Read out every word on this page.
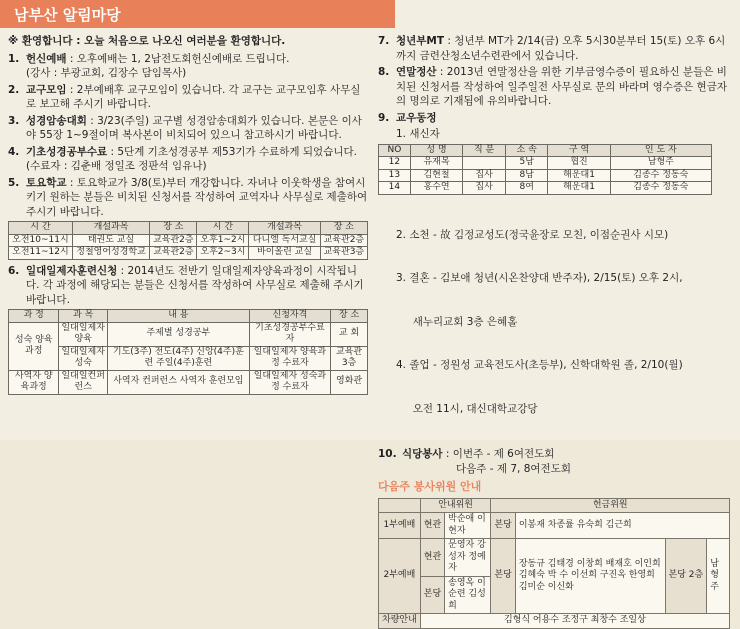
남부산 알림마당
※ 환영합니다 : 오늘 처음으로 나오신 여러분을 환영합니다.
1. 헌신예배 : 오후예배는 1, 2남전도회헌신예배로 드립니다.
(강사 : 부광교회, 김장수 담임목사)
2. 교구모임 : 2부예배후 교구모임이 있습니다. 각 교구는 교구모임후 사무실로 보고해 주시기 바랍니다.
3. 성경암송대회 : 3/23(주일) 교구별 성경암송대회가 있습니다. 본문은 이사야 55장 1~9절이며 복사본이 비치되어 있으니 참고하시기 바랍니다.
4. 기초성경공부수료 : 5단계 기초성경공부 제53기가 수료하게 되었습니다.(수료자 : 김춘배 정일조 정판석 임유나)
5. 토요학교 : 토요학교가 3/8(토)부터 개강합니다. 자녀나 이웃학생을 참여시키기 원하는 분들은 비치된 신청서를 작성하여 교역자나 사무실로 제출하여 주시기 바랍니다.
시 간	개설과목	장 소	시 간	개설과목	장 소
오전10~11시	태권도 교실	교육관2층	오후1~2시	다니엘 독서교실	교육관2층
오전11~12시	정철영어성경학교	교육관2층	오후2~3시	바이올린 교실	교육관3층
6. 일대일제자훈련신청 : 2014년도 전반기 일대일제자양육과정이 시작됩니다. 각 과정에 해당되는 분들은 신청서를 작성하여 사무실로 제출해 주시기 바랍니다.
과 정	과 목	내 용	신청자격	장 소
성숙 양육과정	일대일제자양육	주제별 성경공부	기초성경공부수료자	교 회
	일대일제자성숙	기도(3주) 전도(4주) 신앙(4주)훈련 주일(4주)훈련	일대일제자 양육과정 수료자	교육관 3층
사역자 양육과정	일대일컨퍼런스	사역자 컨퍼런스 사역자 훈련모임	일대일제자 성숙과정 수료자	영화관
7. 청년부MT : 청년부 MT가 2/14(금) 오후 5시30분부터 15(토) 오후 6시까지 금련산청소년수련관에서 있습니다.
8. 연말정산 : 2013년 연말정산을 위한 기부금영수증이 필요하신 분들은 비치된 신청서를 작성하여 일주일전 사무실로 문의 바라며 영수증은 현금자의 명의로 기재됨에 유의바랍니다.
9. 교우동정
1. 새신자
NO	성 명	직 분	소 속	구 역	인 도 자
12	유재복		5남	협진	남형주
13	김현철	집사	8남	해운대1	김종수 정동숙
14	홍수연	집사	8여	해운대1	김종수 정동숙

2. 소천 - 故 김정교성도(정국윤장로 모친, 이점순권사 시모)

3. 결혼 - 김보애 청년(시온찬양대 반주자), 2/15(토) 오후 2시,

새누리교회 3층 은혜홀

4. 졸업 - 정원성 교육전도사(초등부), 신학대학원 졸, 2/10(월)

오전 11시, 대신대학교강당

10. 식당봉사 : 이번주 - 제 6여전도회
다음주 - 제 7, 8여전도회
다음주 봉사위원 안내
	안내위원		헌금위원			
1부예배	현관	박순애 이현자	본당	이봉재 차종률 유숙희 김근희		
2부예배	현관	문영자 강성자 정예자	본당	장동규 김태경 이창희 배재호 이인희 김혜숙 박 수 이선희 구진옥 한영희 김미순 이신화	본당 2층	남형주
	본당	송영옥 이순련 김성희				
차량안내	김형식 어용수 조정구 최창수 조일상					
